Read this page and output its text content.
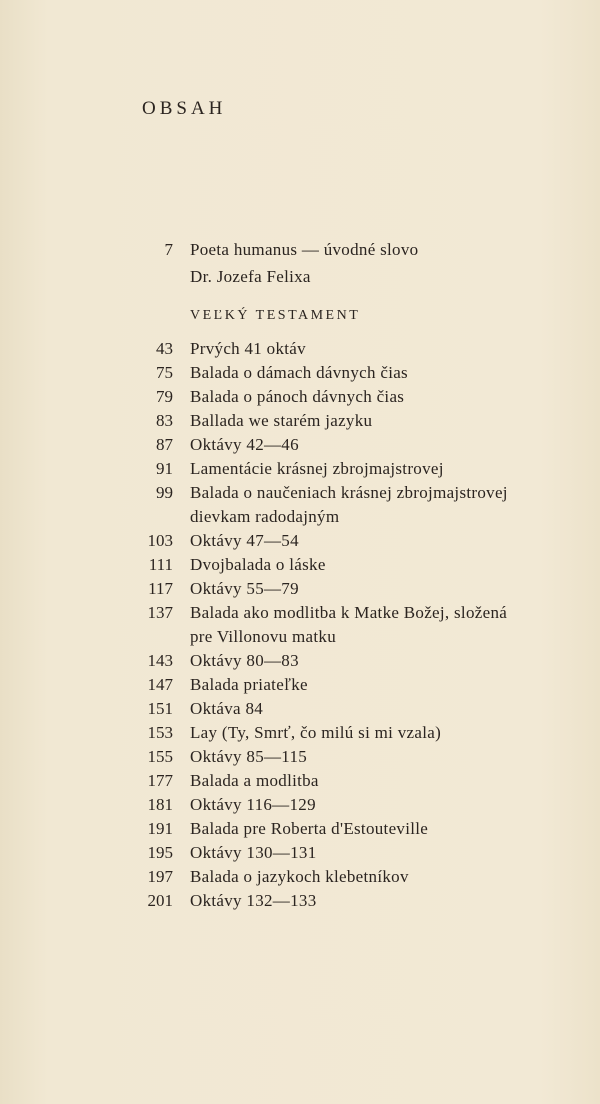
OBSAH
7 Poeta humanus — úvodné slovo
Dr. Jozefa Felixa
VEĽKÝ TESTAMENT
43 Prvých 41 oktáv
75 Balada o dámach dávnych čias
79 Balada o pánoch dávnych čias
83 Ballada we starém jazyku
87 Oktávy 42—46
91 Lamentácie krásnej zbrojmajstrovej
99 Balada o naučeniach krásnej zbrojmajstrovej
dievkam radodajným
103 Oktávy 47—54
111 Dvojbalada o láske
117 Oktávy 55—79
137 Balada ako modlitba k Matke Božej, složená
pre Villonovu matku
143 Oktávy 80—83
147 Balada priateľke
151 Oktáva 84
153 Lay (Ty, Smrť, čo milú si mi vzala)
155 Oktávy 85—115
177 Balada a modlitba
181 Oktávy 116—129
191 Balada pre Roberta d'Estouteville
195 Oktávy 130—131
197 Balada o jazykoch klebetníkov
201 Oktávy 132—133
